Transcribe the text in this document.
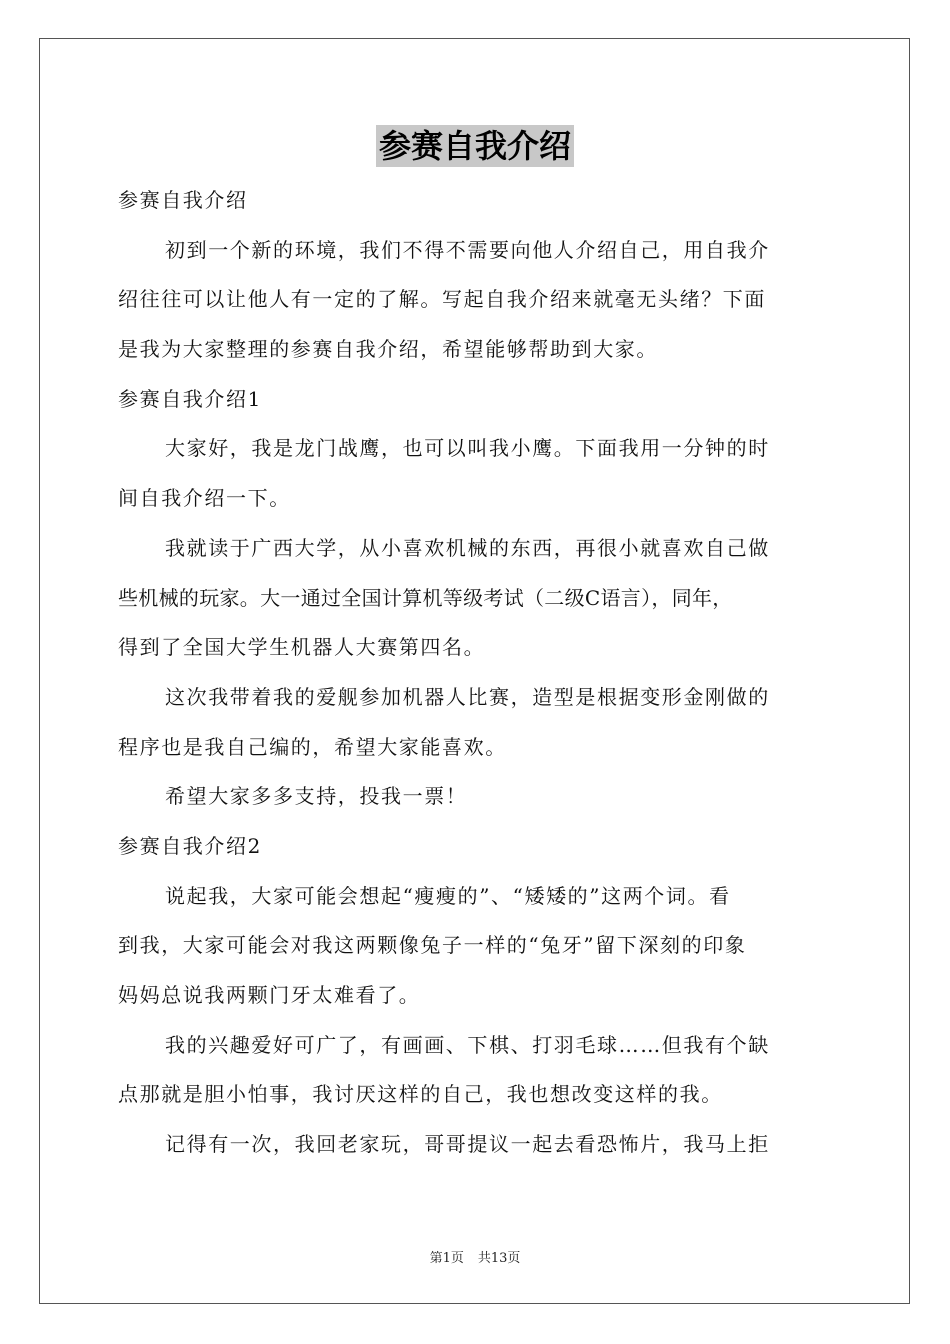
参赛自我介绍
参赛自我介绍
初到一个新的环境，我们不得不需要向他人介绍自己，用自我介
绍往往可以让他人有一定的了解。写起自我介绍来就毫无头绪？下面
是我为大家整理的参赛自我介绍，希望能够帮助到大家。
参赛自我介绍1
大家好，我是龙门战鹰，也可以叫我小鹰。下面我用一分钟的时
间自我介绍一下。
我就读于广西大学，从小喜欢机械的东西，再很小就喜欢自己做
些机械的玩家。大一通过全国计算机等级考试（二级C语言），同年，
得到了全国大学生机器人大赛第四名。
这次我带着我的爱舰参加机器人比赛，造型是根据变形金刚做的
程序也是我自己编的，希望大家能喜欢。
希望大家多多支持，投我一票！
参赛自我介绍2
说起我，大家可能会想起“瘦瘦的”、“矮矮的”这两个词。看
到我，大家可能会对我这两颗像兔子一样的“兔牙”留下深刻的印象
妈妈总说我两颗门牙太难看了。
我的兴趣爱好可广了，有画画、下棋、打羽毛球……但我有个缺
点那就是胆小怕事，我讨厌这样的自己，我也想改变这样的我。
记得有一次，我回老家玩，哥哥提议一起去看恐怖片，我马上拒
第1页 共13页
